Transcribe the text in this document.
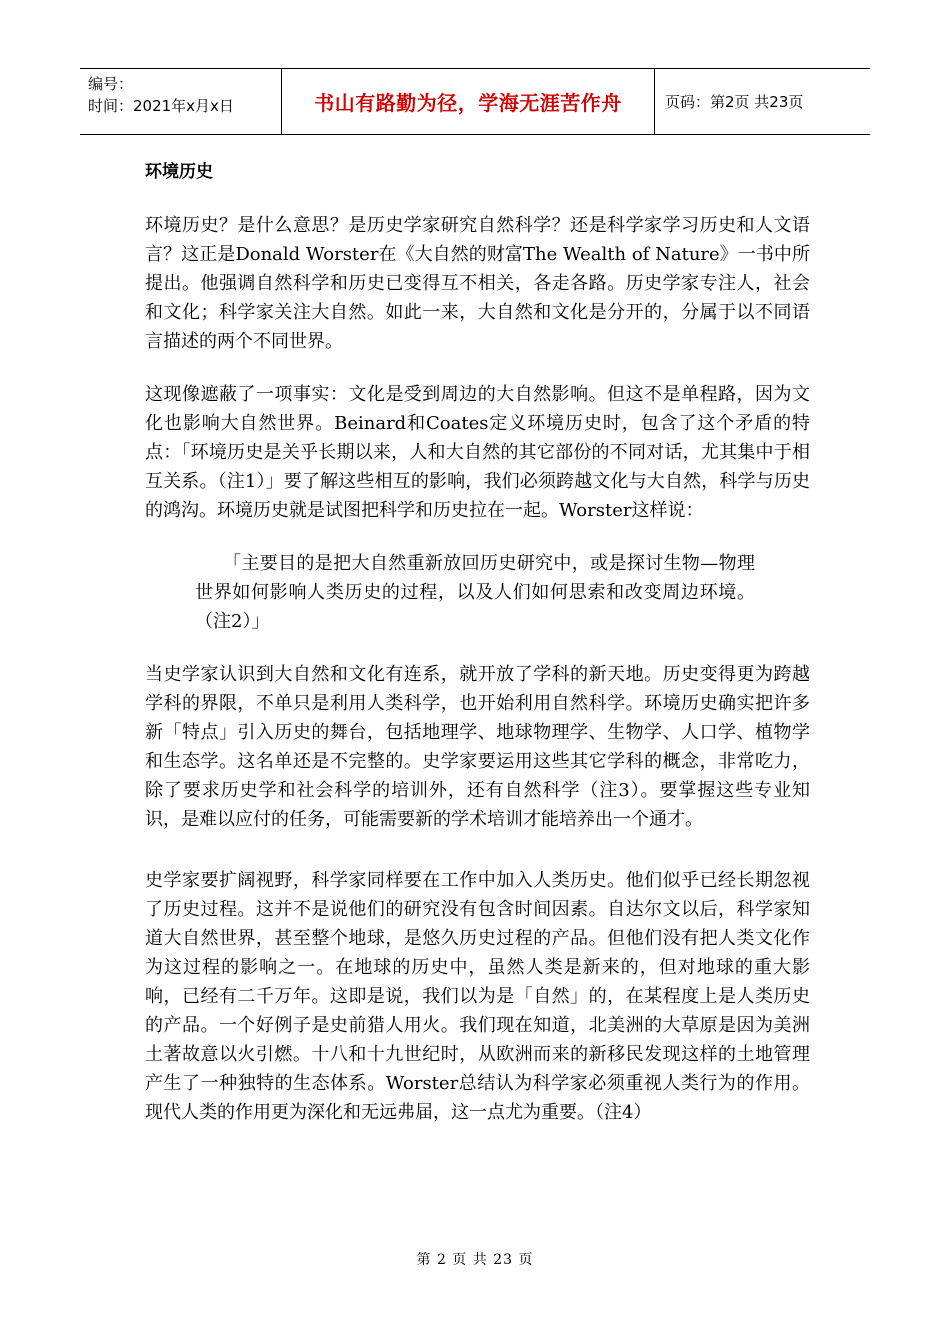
编号：
时间：2021年x月x日	书山有路勤为径，学海无涯苦作舟	页码：第2页 共23页
环境历史

环境历史？是什么意思？是历史学家研究自然科学？还是科学家学习历史和人文语言？这正是Donald Worster在《大自然的财富The Wealth of Nature》一书中所提出。他强调自然科学和历史已变得互不相关，各走各路。历史学家专注人，社会和文化；科学家关注大自然。如此一来，大自然和文化是分开的，分属于以不同语言描述的两个不同世界。

这现像遮蔽了一项事实：文化是受到周边的大自然影响。但这不是单程路，因为文化也影响大自然世界。Beinard和Coates定义环境历史时，包含了这个矛盾的特点：「环境历史是关乎长期以来，人和大自然的其它部份的不同对话，尤其集中于相互关系。（注1）」要了解这些相互的影响，我们必须跨越文化与大自然，科学与历史的鸿沟。环境历史就是试图把科学和历史拉在一起。Worster这样说：

「主要目的是把大自然重新放回历史研究中，或是探讨生物—物理世界如何影响人类历史的过程，以及人们如何思索和改变周边环境。（注2）」

当史学家认识到大自然和文化有连系，就开放了学科的新天地。历史变得更为跨越学科的界限，不单只是利用人类科学，也开始利用自然科学。环境历史确实把许多新「特点」引入历史的舞台，包括地理学、地球物理学、生物学、人口学、植物学和生态学。这名单还是不完整的。史学家要运用这些其它学科的概念，非常吃力，除了要求历史学和社会科学的培训外，还有自然科学（注3）。要掌握这些专业知识，是难以应付的任务，可能需要新的学术培训才能培养出一个通才。

史学家要扩阔视野，科学家同样要在工作中加入人类历史。他们似乎已经长期忽视了历史过程。这并不是说他们的研究没有包含时间因素。自达尔文以后，科学家知道大自然世界，甚至整个地球，是悠久历史过程的产品。但他们没有把人类文化作为这过程的影响之一。在地球的历史中，虽然人类是新来的，但对地球的重大影响，已经有二千万年。这即是说，我们以为是「自然」的，在某程度上是人类历史的产品。一个好例子是史前猎人用火。我们现在知道，北美洲的大草原是因为美洲土著故意以火引燃。十八和十九世纪时，从欧洲而来的新移民发现这样的土地管理产生了一种独特的生态体系。Worster总结认为科学家必须重视人类行为的作用。现代人类的作用更为深化和无远弗届，这一点尤为重要。（注4）

第 2 页 共 23 页
